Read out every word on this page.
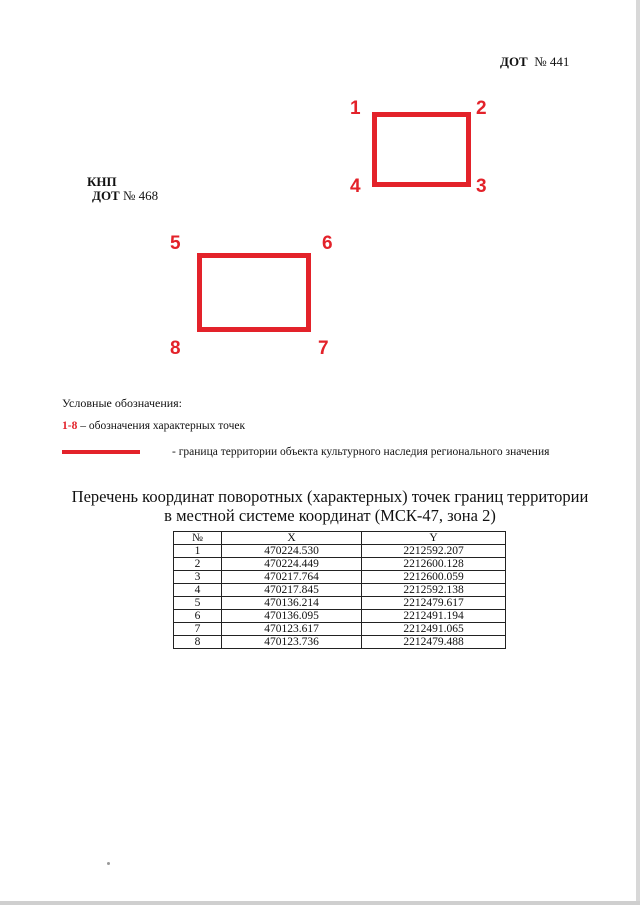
ДОТ № 441
КНП
ДОТ № 468
1	2
3
4
5	6
7
8
Условные обозначения:
1-8 – обозначения характерных точек
- граница территории объекта культурного наследия регионального значения
Перечень координат поворотных (характерных) точек границ территории
в местной системе координат (МСК-47, зона 2)
№	X	Y
1	470224.530	2212592.207
2	470224.449	2212600.128
3	470217.764	2212600.059
4	470217.845	2212592.138
5	470136.214	2212479.617
6	470136.095	2212491.194
7	470123.617	2212491.065
8	470123.736	2212479.488
